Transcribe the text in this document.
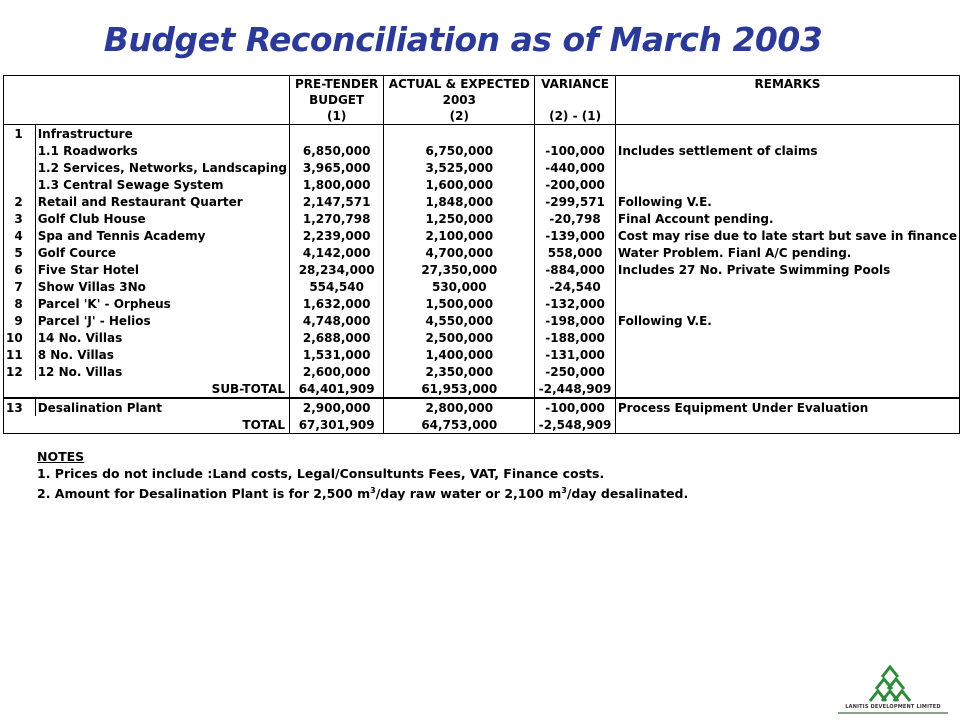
Budget Reconciliation as of March 2003
		PRE-TENDER	ACTUAL & EXPECTED	VARIANCE	REMARKS
		BUDGET	2003		
		(1)	(2)	(2) - (1)	
1	Infrastructure				
	1.1 Roadworks	6,850,000	6,750,000	-100,000	Includes settlement of claims
	1.2 Services, Networks, Landscaping	3,965,000	3,525,000	-440,000	
	1.3 Central Sewage System	1,800,000	1,600,000	-200,000	
2	Retail and Restaurant Quarter	2,147,571	1,848,000	-299,571	Following V.E.
3	Golf Club House	1,270,798	1,250,000	-20,798	Final Account pending.
4	Spa and Tennis Academy	2,239,000	2,100,000	-139,000	Cost may rise due to late start but save in finance
5	Golf Cource	4,142,000	4,700,000	558,000	Water Problem. Fianl A/C pending.
6	Five Star Hotel	28,234,000	27,350,000	-884,000	Includes 27 No. Private Swimming Pools
7	Show Villas 3No	554,540	530,000	-24,540	
8	Parcel 'K' - Orpheus	1,632,000	1,500,000	-132,000	
9	Parcel 'J' - Helios	4,748,000	4,550,000	-198,000	Following V.E.
10	14 No. Villas	2,688,000	2,500,000	-188,000	
11	8 No. Villas	1,531,000	1,400,000	-131,000	
12	12 No. Villas	2,600,000	2,350,000	-250,000	
	SUB-TOTAL	64,401,909	61,953,000	-2,448,909	
13	Desalination Plant	2,900,000	2,800,000	-100,000	Process Equipment Under Evaluation
	TOTAL	67,301,909	64,753,000	-2,548,909	
NOTES
1. Prices do not include :Land costs, Legal/Consultunts Fees, VAT, Finance costs.
2. Amount for Desalination Plant is for 2,500 $m^3$/day raw water or 2,100 $m^3$/day desalinated.
LANITIS DEVELOPMENT LIMITED
